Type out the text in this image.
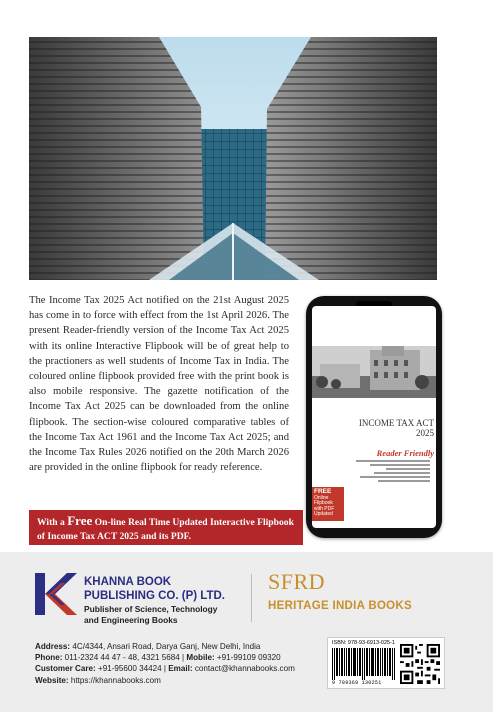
The Income Tax 2025 Act notified on the 21st August 2025 has come in to force with effect from the 1st April 2026. The present Reader-friendly version of the Income Tax Act 2025 with its online Interactive Flipbook will be of great help to the practioners as well students of Income Tax in India. The coloured online flipbook provided free with the print book is also mobile responsive. The gazette notification of the Income Tax Act 2025 can be downloaded from the online flipbook. The section-wise coloured comparative tables of the Income Tax Act 1961 and the Income Tax Act 2025; and the Income Tax Rules 2026 notified on the 20th March 2026 are provided in the online flipbook for ready reference.

With a Free On-line Real Time Updated Interactive Flipbook of Income Tax ACT 2025 and its PDF.
INCOME TAX ACT
2025
Reader Friendly
FREE
Online Flipbook with PDF Updated
KHANNA BOOK PUBLISHING CO. (P) LTD.
Publisher of Science, Technology and Engineering Books
SFRD
HERITAGE INDIA BOOKS
Address: 4C/4344, Ansari Road, Darya Ganj, New Delhi, India
Phone: 011-2324 44 47 - 48, 4321 5684 | Mobile: +91-99109 09320
Customer Care: +91-95600 34424 | Email: contact@khannabooks.com
Website: https://khannabooks.com
ISBN: 978-93-6913-025-1
9 789369 130251
